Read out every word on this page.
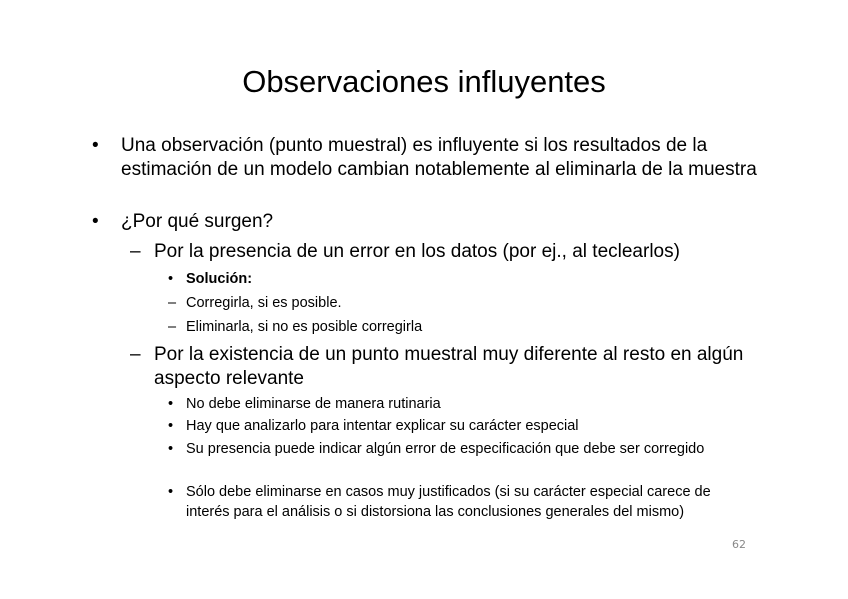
Observaciones influyentes
• Una observación (punto muestral) es influyente si los resultados de la estimación de un modelo cambian notablemente al eliminarla de la muestra
• ¿Por qué surgen?
– Por la presencia de un error en los datos (por ej., al teclearlos)
• Solución:
– Corregirla, si es posible.
– Eliminarla, si no es posible corregirla
– Por la existencia de un punto muestral muy diferente al resto en algún aspecto relevante
• No debe eliminarse de manera rutinaria
• Hay que analizarlo para intentar explicar su carácter especial
• Su presencia puede indicar algún error de especificación que debe ser corregido
• Sólo debe eliminarse en casos muy justificados (si su carácter especial carece de interés para el análisis o si distorsiona las conclusiones generales del mismo)
62
